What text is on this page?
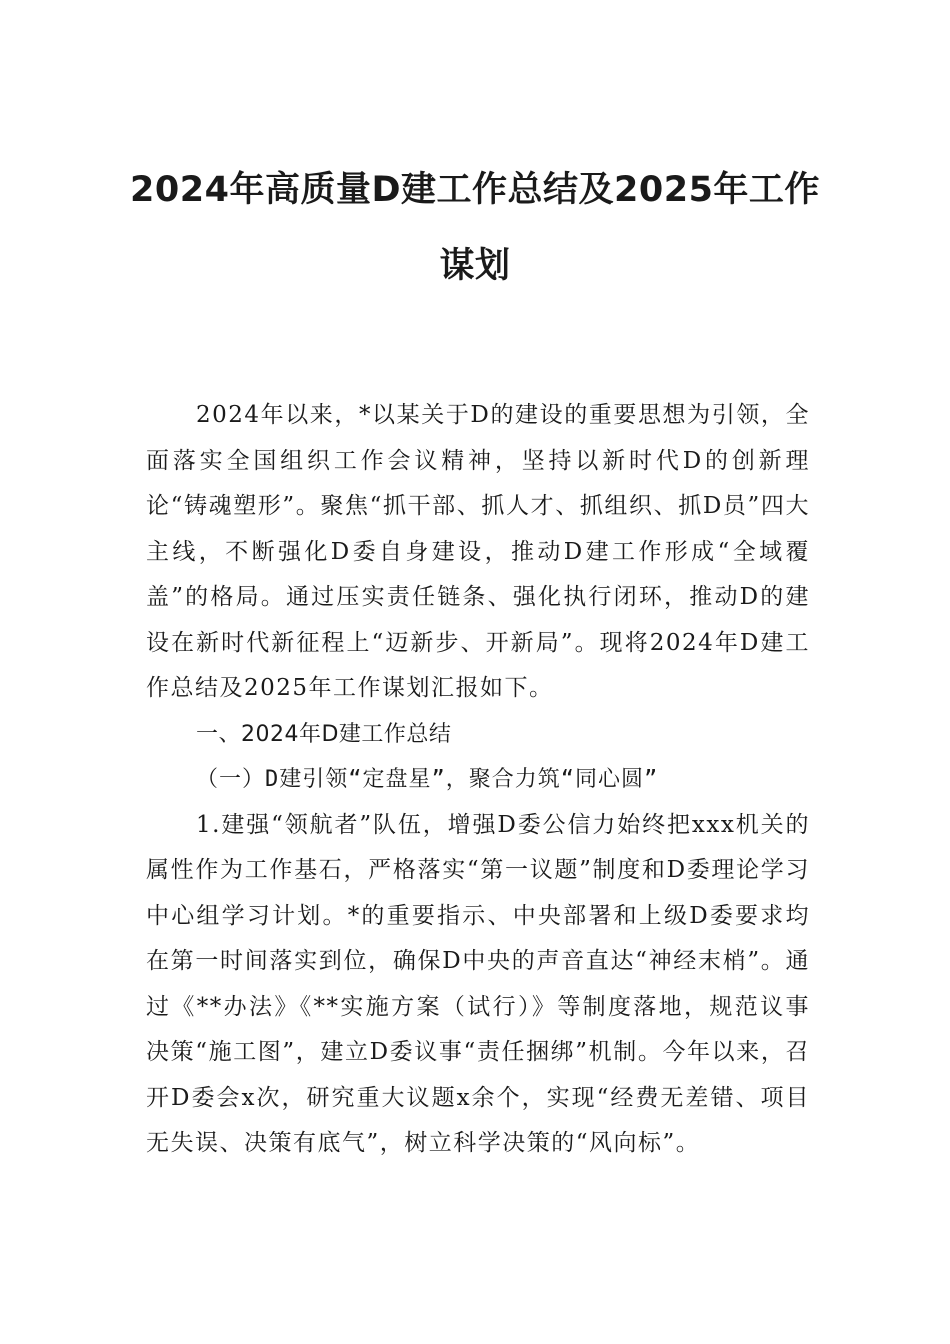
2024年高质量D建工作总结及2025年工作
谋划

2024年以来，*以某关于D的建设的重要思想为引领，全面落实全国组织工作会议精神，坚持以新时代D的创新理论“铸魂塑形”。聚焦“抓干部、抓人才、抓组织、抓D员”四大主线，不断强化D委自身建设，推动D建工作形成“全域覆盖”的格局。通过压实责任链条、强化执行闭环，推动D的建设在新时代新征程上“迈新步、开新局”。现将2024年D建工作总结及2025年工作谋划汇报如下。

一、2024年D建工作总结

（一）D建引领“定盘星”，聚合力筑“同心圆”

1.建强“领航者”队伍，增强D委公信力始终把xxx机关的属性作为工作基石，严格落实“第一议题”制度和D委理论学习中心组学习计划。*的重要指示、中央部署和上级D委要求均在第一时间落实到位，确保D中央的声音直达“神经末梢”。通过《**办法》《**实施方案（试行）》等制度落地，规范议事决策“施工图”，建立D委议事“责任捆绑”机制。今年以来，召开D委会x次，研究重大议题x余个，实现“经费无差错、项目无失误、决策有底气”，树立科学决策的“风向标”。
